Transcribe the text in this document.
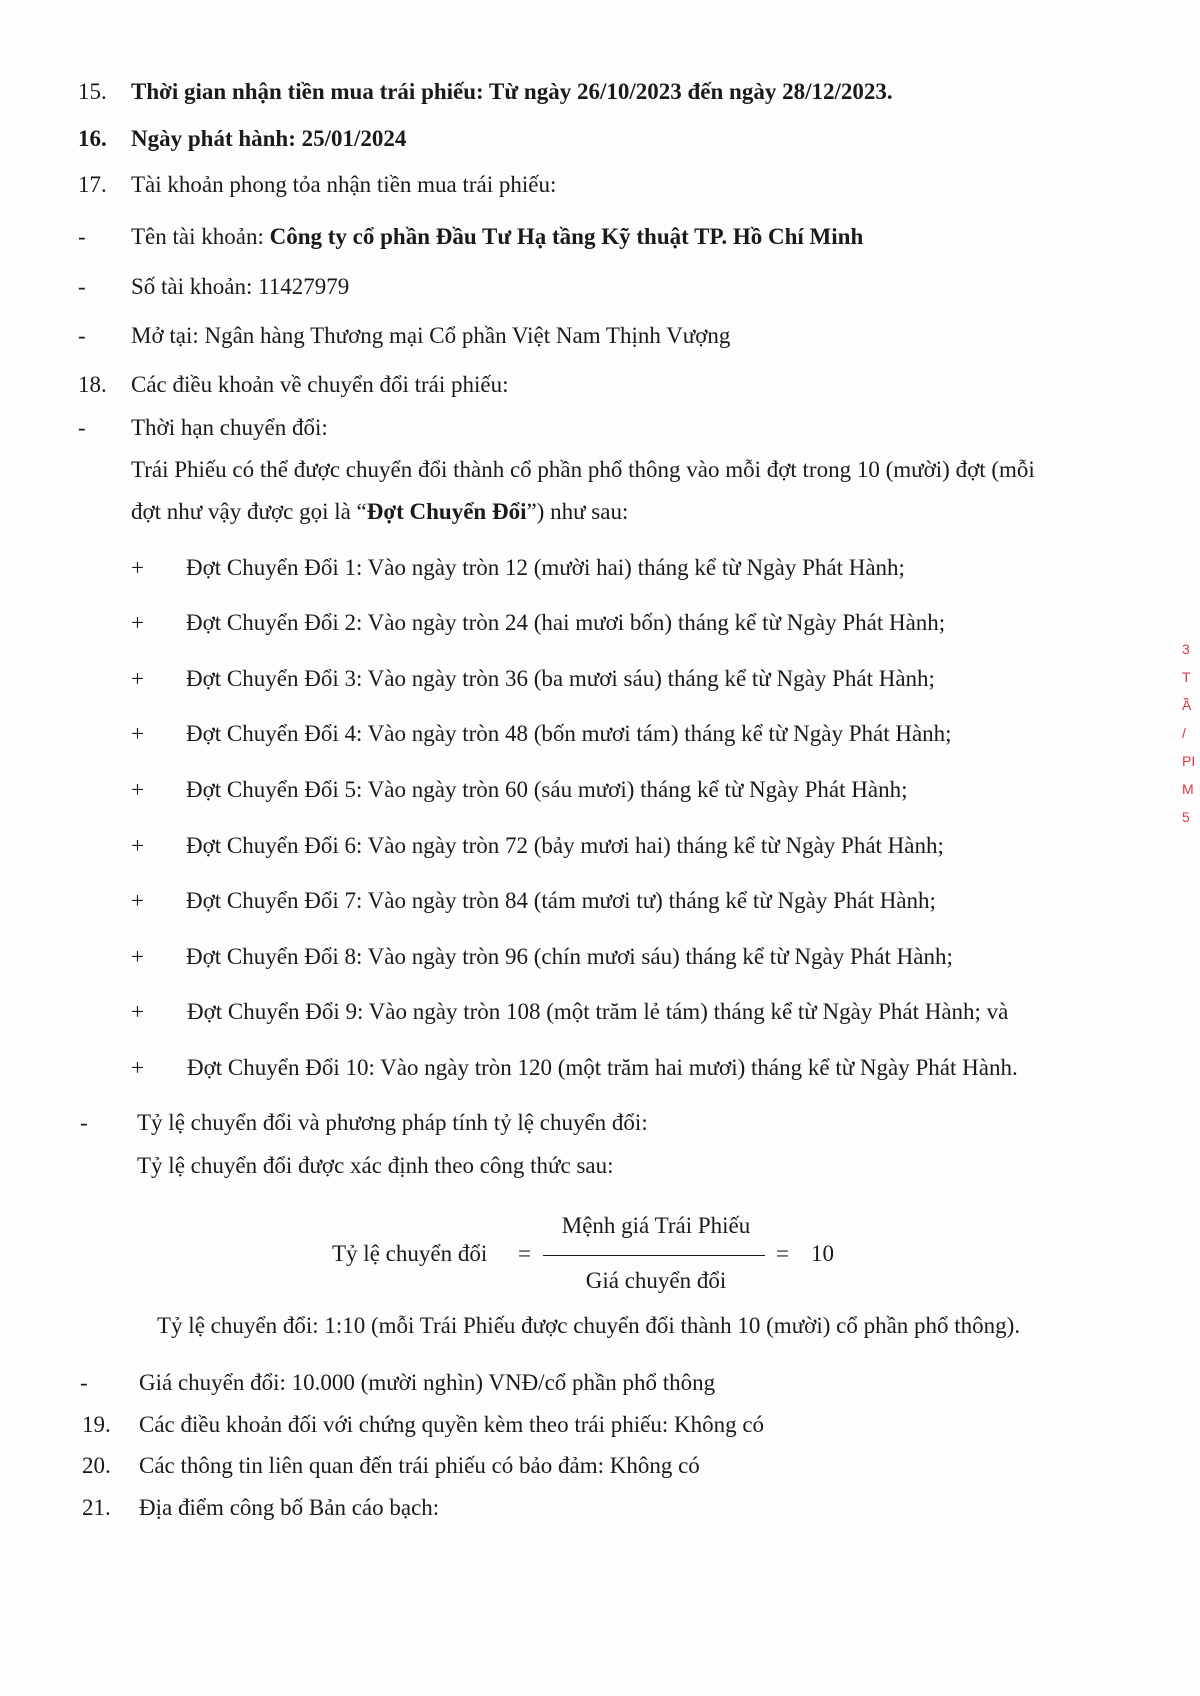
15.	Thời gian nhận tiền mua trái phiếu: Từ ngày 26/10/2023 đến ngày 28/12/2023.
16.	Ngày phát hành: 25/01/2024
17.	Tài khoản phong tỏa nhận tiền mua trái phiếu:
-	Tên tài khoản: Công ty cổ phần Đầu Tư Hạ tầng Kỹ thuật TP. Hồ Chí Minh
-	Số tài khoản: 11427979
-	Mở tại: Ngân hàng Thương mại Cổ phần Việt Nam Thịnh Vượng
18.	Các điều khoản về chuyển đổi trái phiếu:
-	Thời hạn chuyển đổi:
Trái Phiếu có thể được chuyển đổi thành cổ phần phổ thông vào mỗi đợt trong 10 (mười) đợt (mỗi
đợt như vậy được gọi là “Đợt Chuyển Đổi”) như sau:
+	Đợt Chuyển Đổi 1: Vào ngày tròn 12 (mười hai) tháng kể từ Ngày Phát Hành;
+	Đợt Chuyển Đổi 2: Vào ngày tròn 24 (hai mươi bốn) tháng kể từ Ngày Phát Hành;
+	Đợt Chuyển Đổi 3: Vào ngày tròn 36 (ba mươi sáu) tháng kể từ Ngày Phát Hành;
+	Đợt Chuyển Đổi 4: Vào ngày tròn 48 (bốn mươi tám) tháng kể từ Ngày Phát Hành;
+	Đợt Chuyển Đổi 5: Vào ngày tròn 60 (sáu mươi) tháng kể từ Ngày Phát Hành;
+	Đợt Chuyển Đổi 6: Vào ngày tròn 72 (bảy mươi hai) tháng kể từ Ngày Phát Hành;
+	Đợt Chuyển Đổi 7: Vào ngày tròn 84 (tám mươi tư) tháng kể từ Ngày Phát Hành;
+	Đợt Chuyển Đổi 8: Vào ngày tròn 96 (chín mươi sáu) tháng kể từ Ngày Phát Hành;
+	Đợt Chuyển Đổi 9: Vào ngày tròn 108 (một trăm lẻ tám) tháng kể từ Ngày Phát Hành; và
+	Đợt Chuyển Đổi 10: Vào ngày tròn 120 (một trăm hai mươi) tháng kể từ Ngày Phát Hành.
-	Tỷ lệ chuyển đổi và phương pháp tính tỷ lệ chuyển đổi:
Tỷ lệ chuyển đổi được xác định theo công thức sau:
Tỷ lệ chuyển đổi =
Mệnh giá Trái Phiếu
Giá chuyển đổi
= 10
Tỷ lệ chuyển đổi: 1:10 (mỗi Trái Phiếu được chuyển đổi thành 10 (mười) cổ phần phổ thông).
-	Giá chuyển đổi: 10.000 (mười nghìn) VNĐ/cổ phần phổ thông
19.	Các điều khoản đối với chứng quyền kèm theo trái phiếu: Không có
20.	Các thông tin liên quan đến trái phiếu có bảo đảm: Không có
21.	Địa điểm công bố Bản cáo bạch:
3
T
Ầ
/
PI
M
5
